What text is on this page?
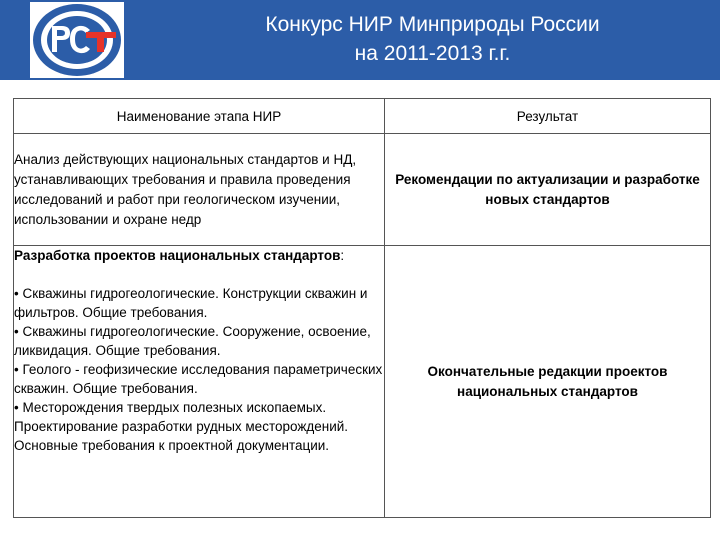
Конкурс НИР Минприроды России
на 2011-2013 г.г.
Наименование этапа НИР	Результат
Анализ действующих национальных стандартов и НД, устанавливающих требования и правила проведения исследований и работ при геологическом изучении, использовании и охране недр	Рекомендации по актуализации и разработке новых стандартов

Разработка проектов национальных стандартов:
• Скважины гидрогеологические. Конструкции скважин и фильтров. Общие требования.
• Скважины гидрогеологические. Сооружение, освоение, ликвидация. Общие требования.
• Геолого - геофизические исследования параметрических скважин. Общие требования.
• Месторождения твердых полезных ископаемых. Проектирование разработки рудных месторождений. Основные требования к проектной документации.	Окончательные редакции проектов национальных стандартов
